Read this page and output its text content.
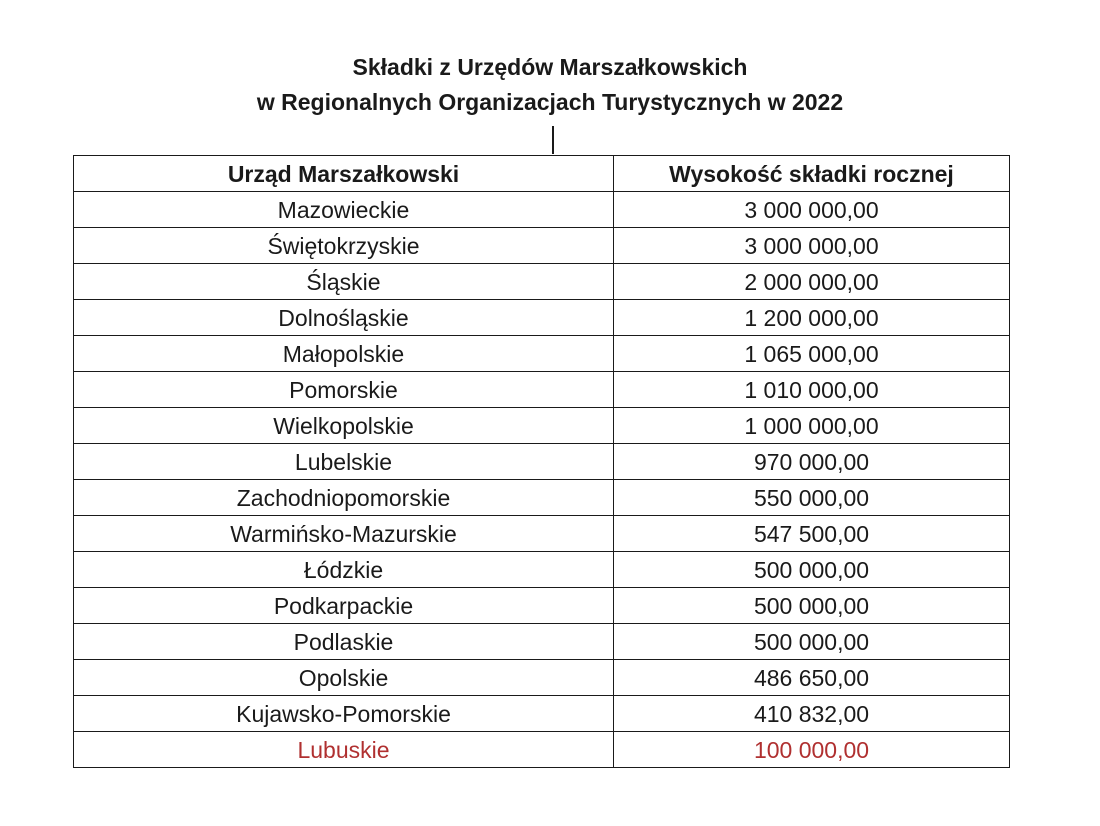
Składki z Urzędów Marszałkowskich
w Regionalnych Organizacjach Turystycznych w 2022
Urząd Marszałkowski	Wysokość składki rocznej
Mazowieckie	3 000 000,00
Świętokrzyskie	3 000 000,00
Śląskie	2 000 000,00
Dolnośląskie	1 200 000,00
Małopolskie	1 065 000,00
Pomorskie	1 010 000,00
Wielkopolskie	1 000 000,00
Lubelskie	970 000,00
Zachodniopomorskie	550 000,00
Warmińsko-Mazurskie	547 500,00
Łódzkie	500 000,00
Podkarpackie	500 000,00
Podlaskie	500 000,00
Opolskie	486 650,00
Kujawsko-Pomorskie	410 832,00
Lubuskie	100 000,00
